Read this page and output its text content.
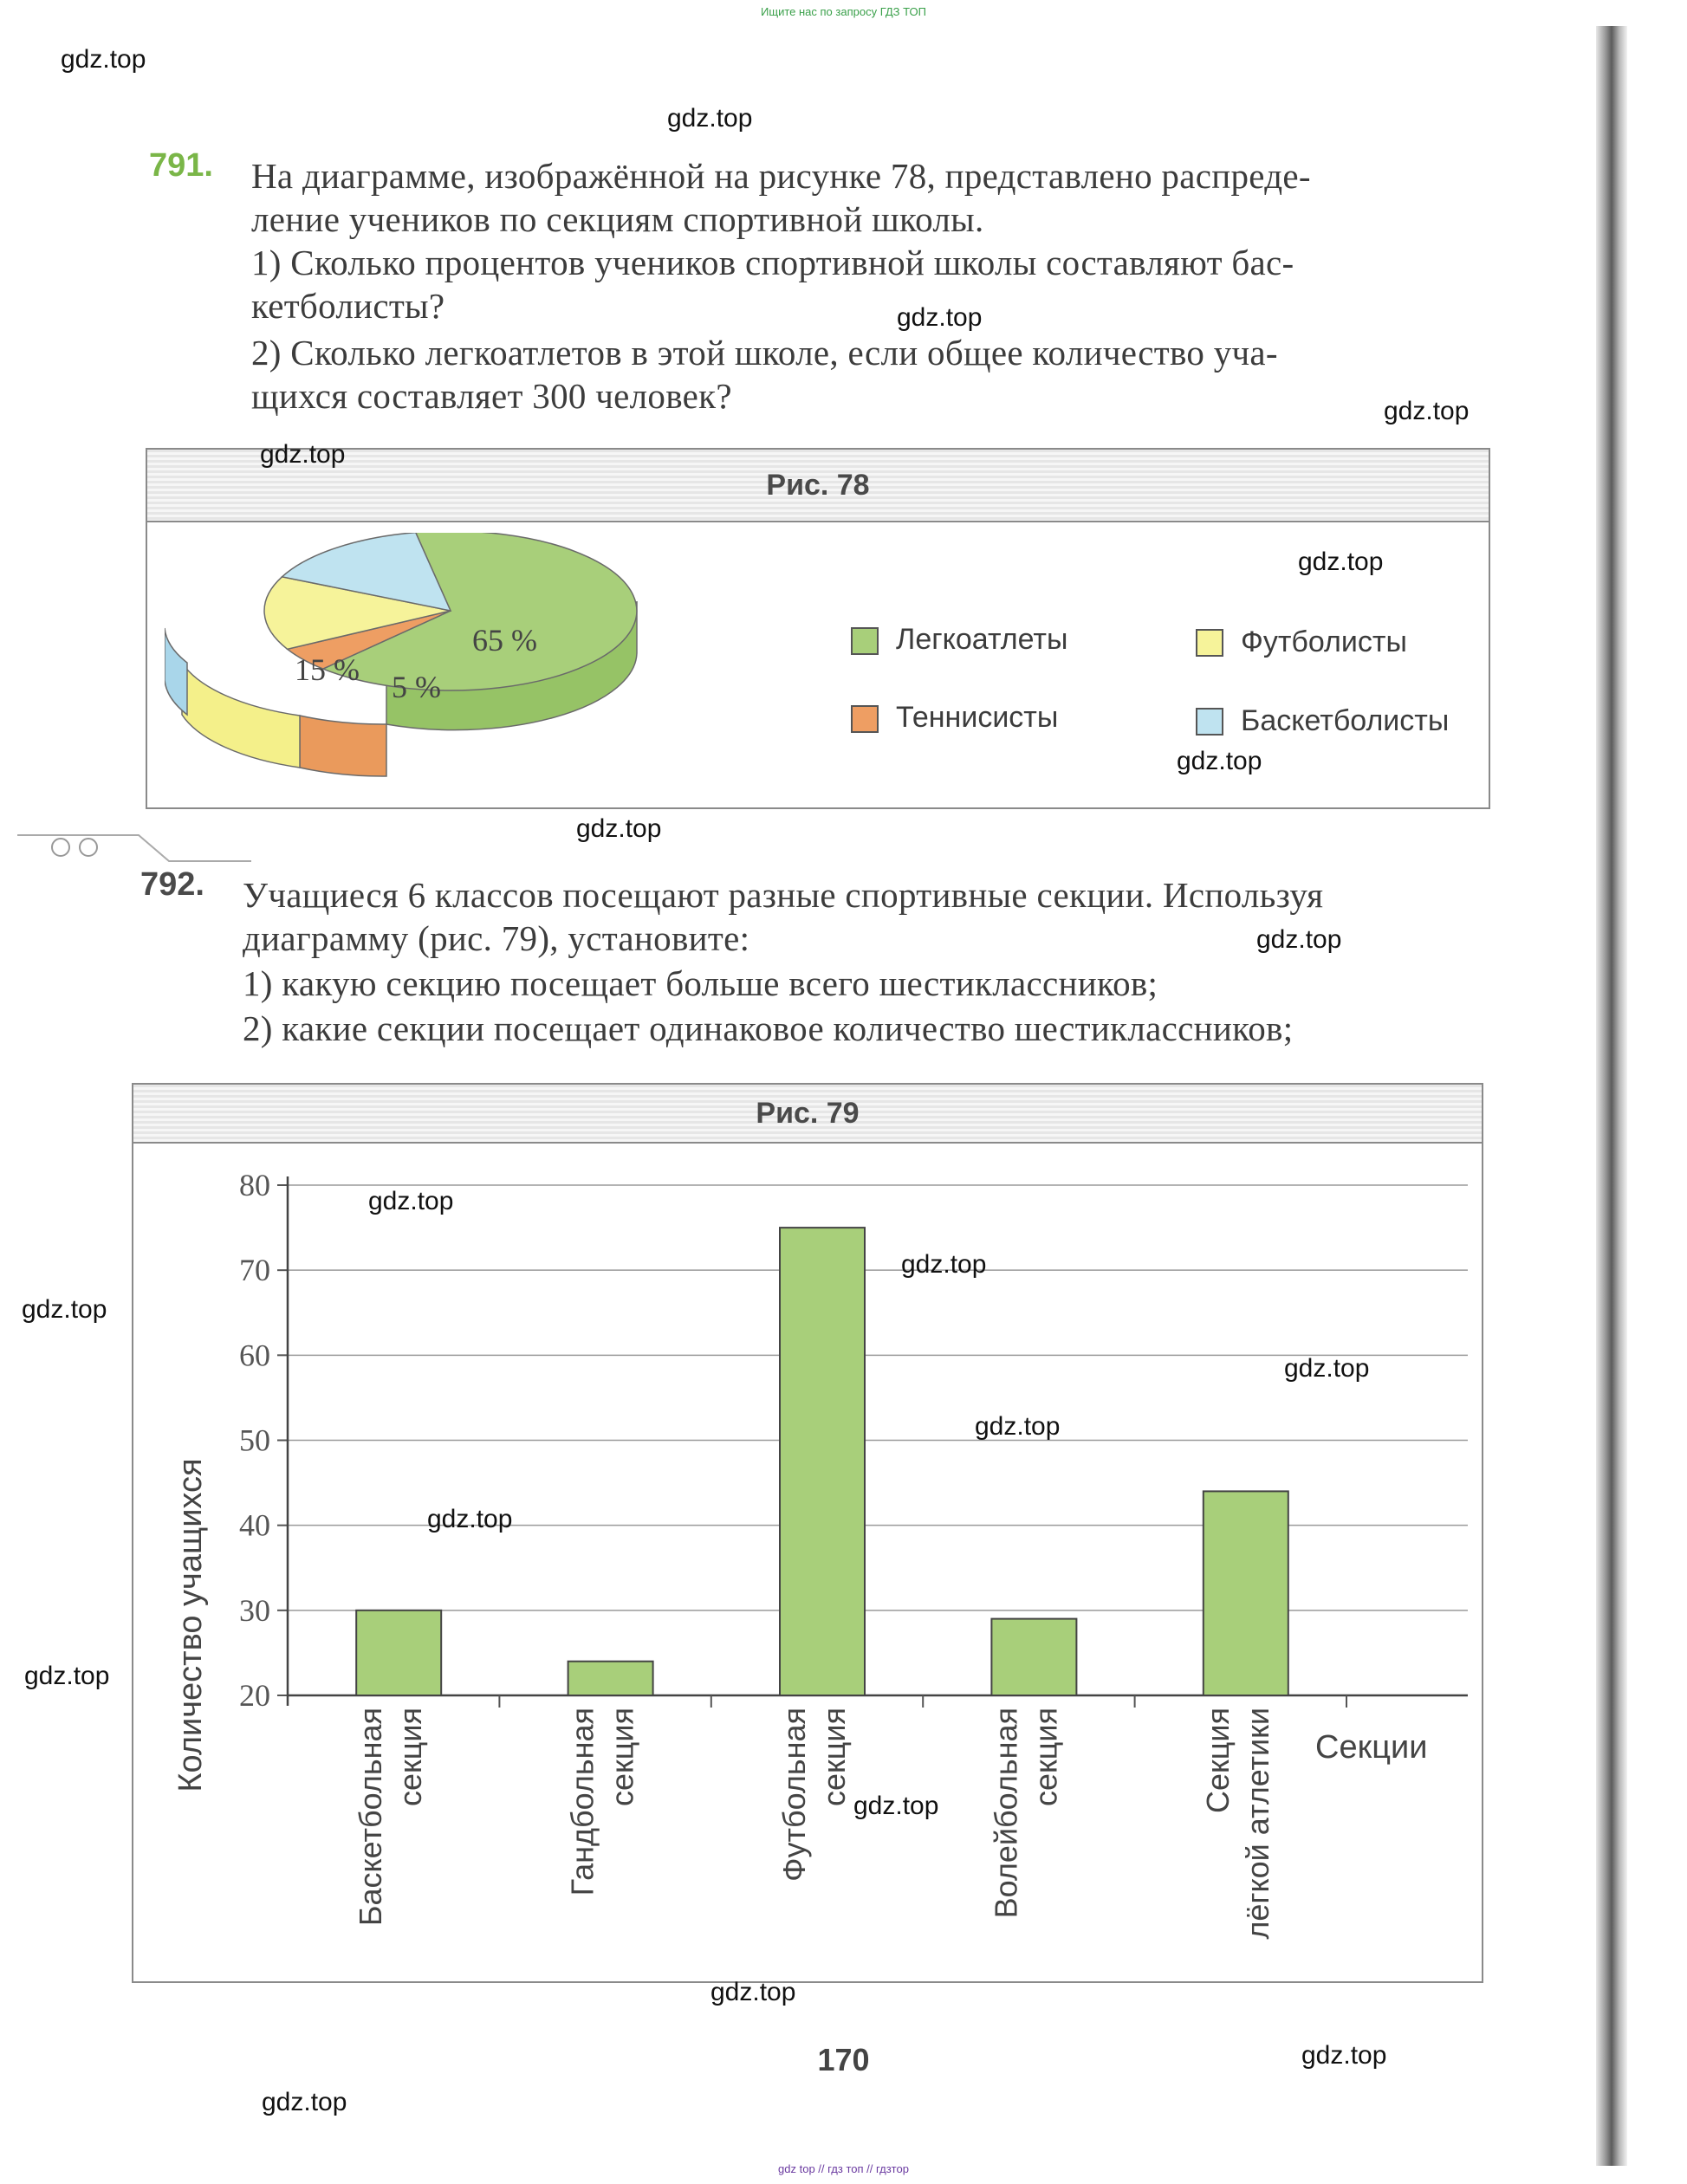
Ищите нас по запросу ГДЗ ТОП
791. На диаграмме, изображённой на рисунке 78, представлено распреде-
ление учеников по секциям спортивной школы.
1) Сколько процентов учеников спортивной школы составляют бас-
кетболисты?
2) Сколько легкоатлетов в этой школе, если общее количество уча-
щихся составляет 300 человек?
Рис. 78
65 %
15 % 5 %
Легкоатлеты	Футболисты
Теннисисты	Баскетболисты
792. Учащиеся 6 классов посещают разные спортивные секции. Используя
диаграмму (рис. 79), установите:
1) какую секцию посещает больше всего шестиклассников;
2) какие секции посещает одинаковое количество шестиклассников;
Рис. 79
Количество учащихся	Секции
20
30
40
50
60
70
80
Баскетбольная секция	Гандбольная секция	Футбольная секция	Волейбольная секция	Секция лёгкой атлетики
170
gdz top // гдз топ // гдзтор
gdz.top
gdz.top
gdz.top
gdz.top
gdz.top
gdz.top
gdz.top
gdz.top
gdz.top
gdz.top
gdz.top
gdz.top
gdz.top
gdz.top
gdz.top
gdz.top
gdz.top
gdz.top
gdz.top
gdz.top
